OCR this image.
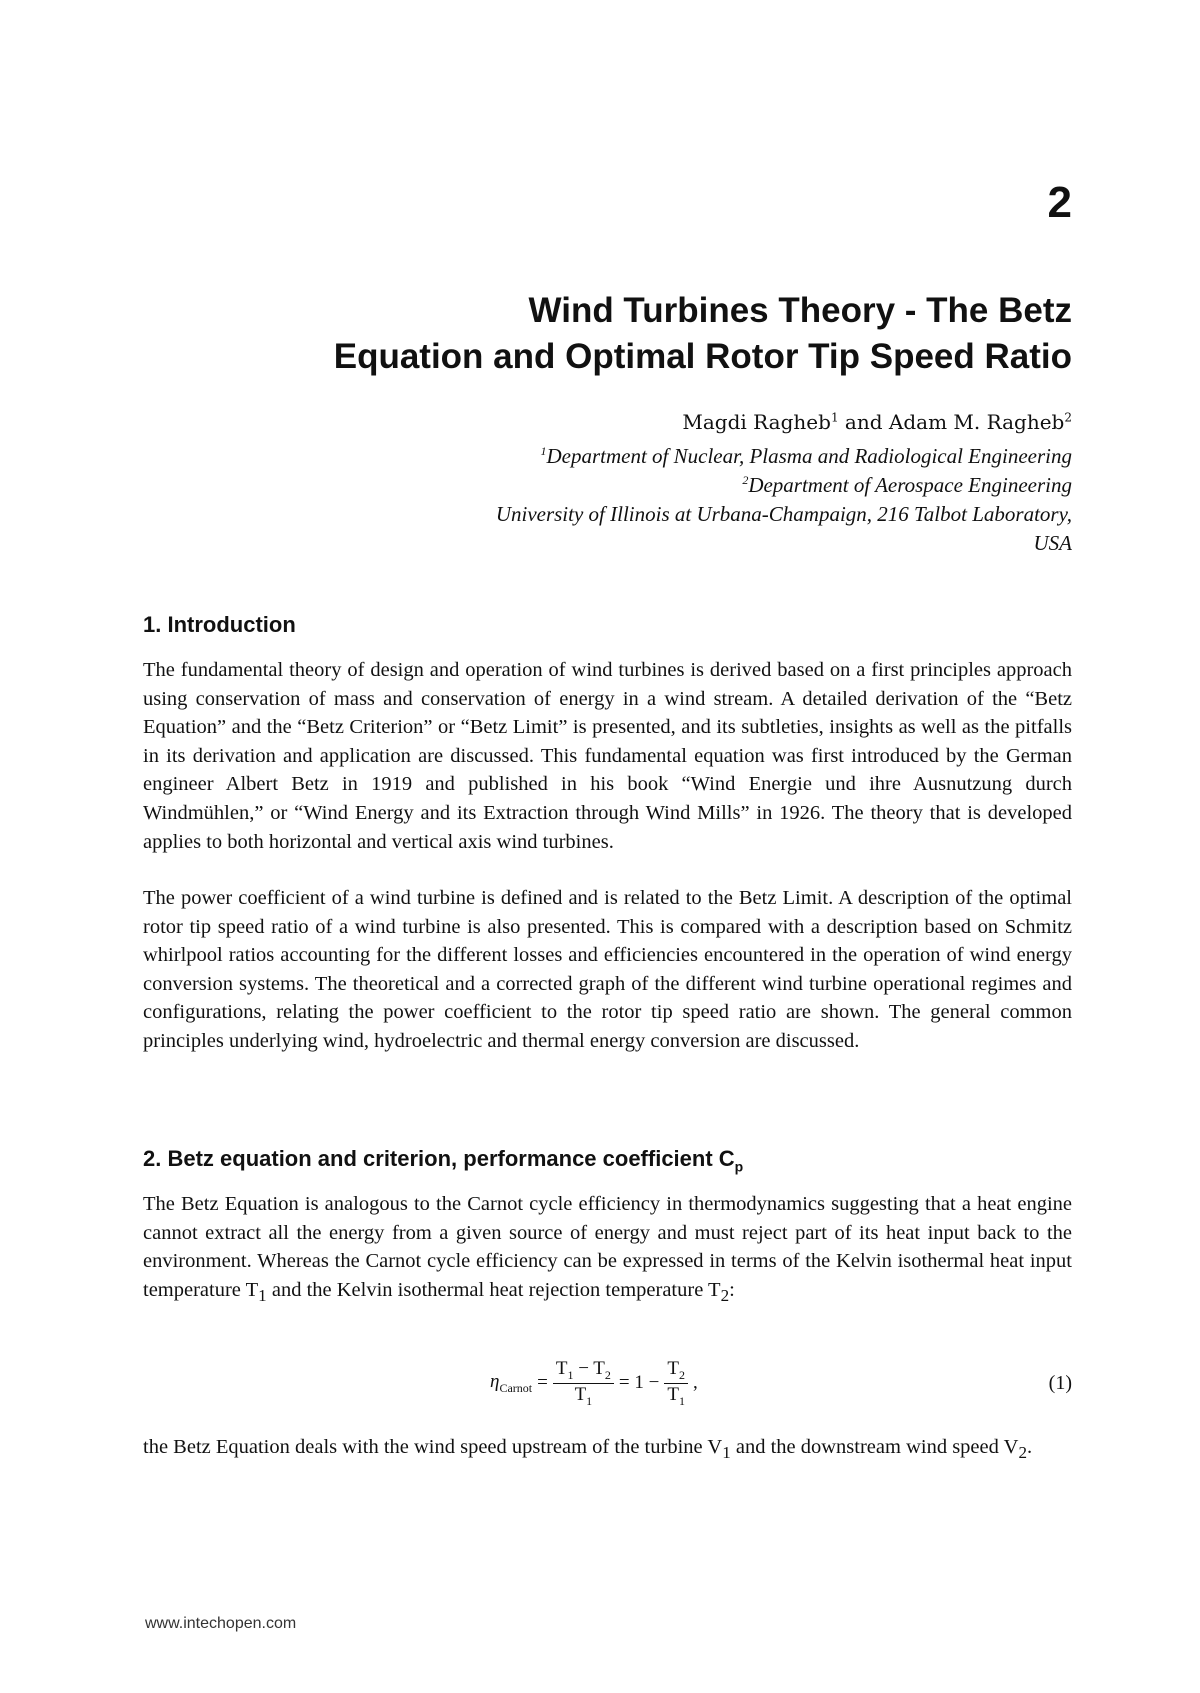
2
Wind Turbines Theory - The Betz
Equation and Optimal Rotor Tip Speed Ratio

Magdi Ragheb$^1$ and Adam M. Ragheb$^2$

$^1$Department of Nuclear, Plasma and Radiological Engineering

$^2$Department of Aerospace Engineering

University of Illinois at Urbana-Champaign, 216 Talbot Laboratory,

USA

1. Introduction

The fundamental theory of design and operation of wind turbines is derived based on a first principles approach using conservation of mass and conservation of energy in a wind stream. A detailed derivation of the “Betz Equation” and the “Betz Criterion” or “Betz Limit” is presented, and its subtleties, insights as well as the pitfalls in its derivation and application are discussed. This fundamental equation was first introduced by the German engineer Albert Betz in 1919 and published in his book “Wind Energie und ihre Ausnutzung durch Windmühlen,” or “Wind Energy and its Extraction through Wind Mills” in 1926. The theory that is developed applies to both horizontal and vertical axis wind turbines.

The power coefficient of a wind turbine is defined and is related to the Betz Limit. A description of the optimal rotor tip speed ratio of a wind turbine is also presented. This is compared with a description based on Schmitz whirlpool ratios accounting for the different losses and efficiencies encountered in the operation of wind energy conversion systems. The theoretical and a corrected graph of the different wind turbine operational regimes and configurations, relating the power coefficient to the rotor tip speed ratio are shown. The general common principles underlying wind, hydroelectric and thermal energy conversion are discussed.

2. Betz equation and criterion, performance coefficient $C_p$

The Betz Equation is analogous to the Carnot cycle efficiency in thermodynamics suggesting that a heat engine cannot extract all the energy from a given source of energy and must reject part of its heat input back to the environment. Whereas the Carnot cycle efficiency can be expressed in terms of the Kelvin isothermal heat input temperature $T_1$ and the Kelvin isothermal heat rejection temperature $T_2$:

$\eta_{Carnot} = \frac{T_1 - T_2}{T_1} = 1 - \frac{T_2}{T_1}$ ,	(1)

the Betz Equation deals with the wind speed upstream of the turbine $V_1$ and the downstream wind speed $V_2$.

www.intechopen.com
